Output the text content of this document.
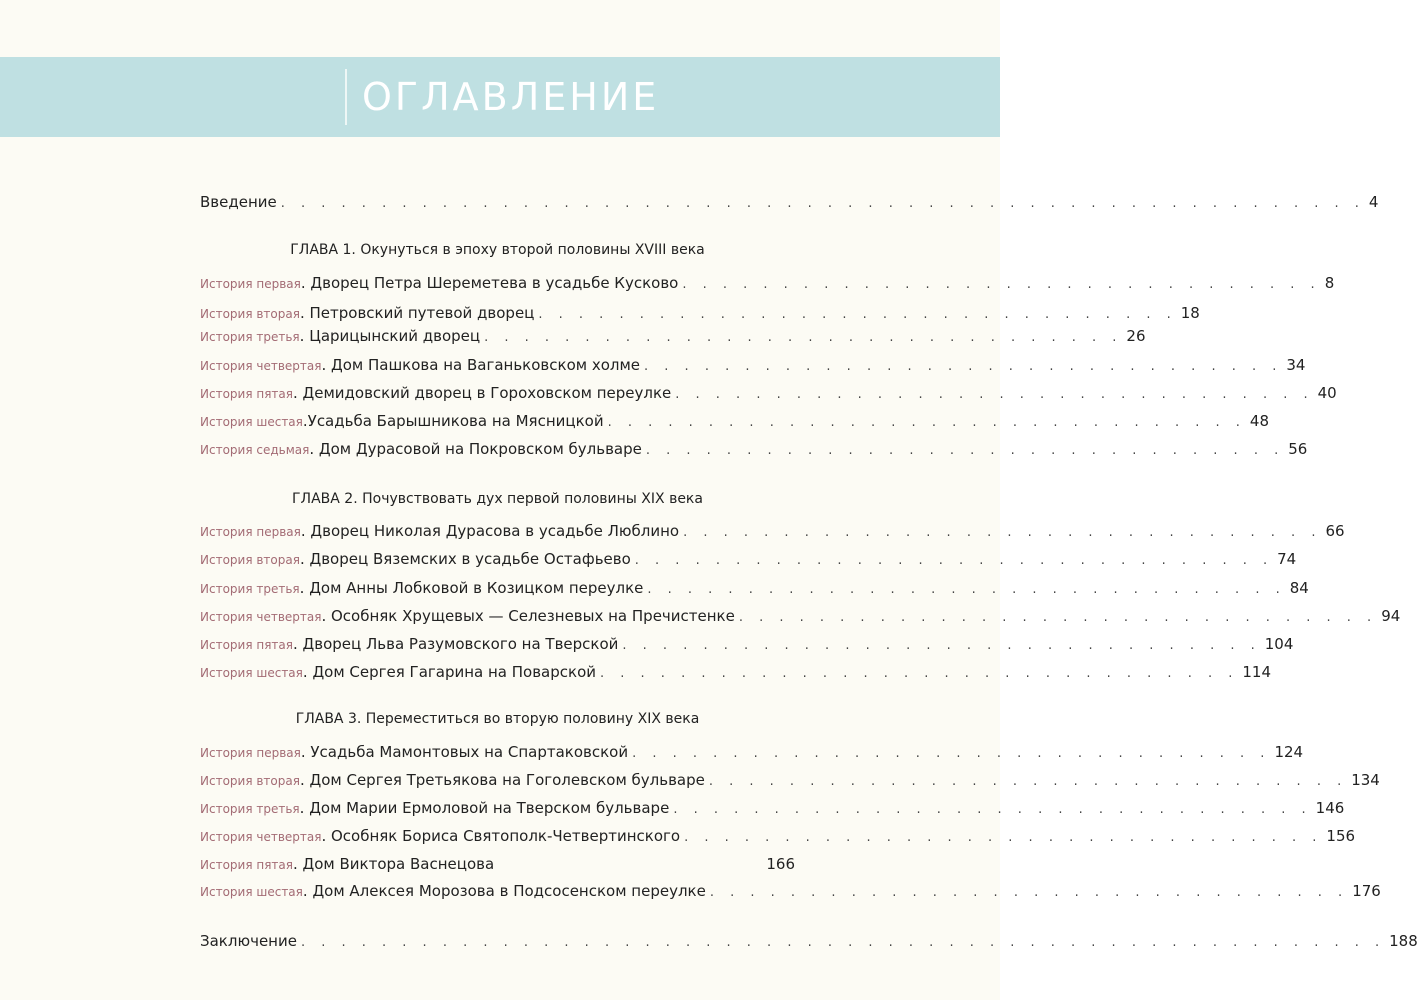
ОГЛАВЛЕНИЕ
Введение . . . . . . . . . . . . . . . . . . . . . . . . . . . . . . . . . . . . . . . . . . . . . . . . . . . . . . 4
ГЛАВА 1. Окунуться в эпоху второй половины XVIII века
История первая . Дворец Петра Шереметева в усадьбе Кусково . . . . . . . . . . . . . . . . . . . . . . . . . . . . . . . . 8
История вторая . Петровский путевой дворец . . . . . . . . . . . . . . . . . . . . . . . . . . . . . . . . 18
История третья . Царицынский дворец . . . . . . . . . . . . . . . . . . . . . . . . . . . . . . . . 26
История четвертая . Дом Пашкова на Ваганьковском холме . . . . . . . . . . . . . . . . . . . . . . . . . . . . . . . . 34
История пятая . Демидовский дворец в Гороховском переулке . . . . . . . . . . . . . . . . . . . . . . . . . . . . . . . . 40
История шестая . Усадьба Барышникова на Мясницкой . . . . . . . . . . . . . . . . . . . . . . . . . . . . . . . . 48
История седьмая . Дом Дурасовой на Покровском бульваре . . . . . . . . . . . . . . . . . . . . . . . . . . . . . . . . 56
ГЛАВА 2. Почувствовать дух первой половины XIX века
История первая . Дворец Николая Дурасова в усадьбе Люблино . . . . . . . . . . . . . . . . . . . . . . . . . . . . . . . . 66
История вторая . Дворец Вяземских в усадьбе Остафьево . . . . . . . . . . . . . . . . . . . . . . . . . . . . . . . . 74
История третья . Дом Анны Лобковой в Козицком переулке . . . . . . . . . . . . . . . . . . . . . . . . . . . . . . . . 84
История четвертая . Особняк Хрущевых — Селезневых на Пречистенке . . . . . . . . . . . . . . . . . . . . . . . . . . . . . . . . 94
История пятая . Дворец Льва Разумовского на Тверской . . . . . . . . . . . . . . . . . . . . . . . . . . . . . . . . 104
История шестая . Дом Сергея Гагарина на Поварской . . . . . . . . . . . . . . . . . . . . . . . . . . . . . . . . 114
ГЛАВА 3. Переместиться во вторую половину XIX века
История первая . Усадьба Мамонтовых на Спартаковской . . . . . . . . . . . . . . . . . . . . . . . . . . . . . . . . 124
История вторая . Дом Сергея Третьякова на Гоголевском бульваре . . . . . . . . . . . . . . . . . . . . . . . . . . . . . . . . 134
История третья . Дом Марии Ермоловой на Тверском бульваре . . . . . . . . . . . . . . . . . . . . . . . . . . . . . . . . 146
История четвертая . Особняк Бориса Святополк-Четвертинского . . . . . . . . . . . . . . . . . . . . . . . . . . . . . . . . 156
История пятая . Дом Виктора Васнецова	166
История шестая . Дом Алексея Морозова в Подсосенском переулке . . . . . . . . . . . . . . . . . . . . . . . . . . . . . . . . 176
Заключение . . . . . . . . . . . . . . . . . . . . . . . . . . . . . . . . . . . . . . . . . . . . . . . . . . . . . . 188
